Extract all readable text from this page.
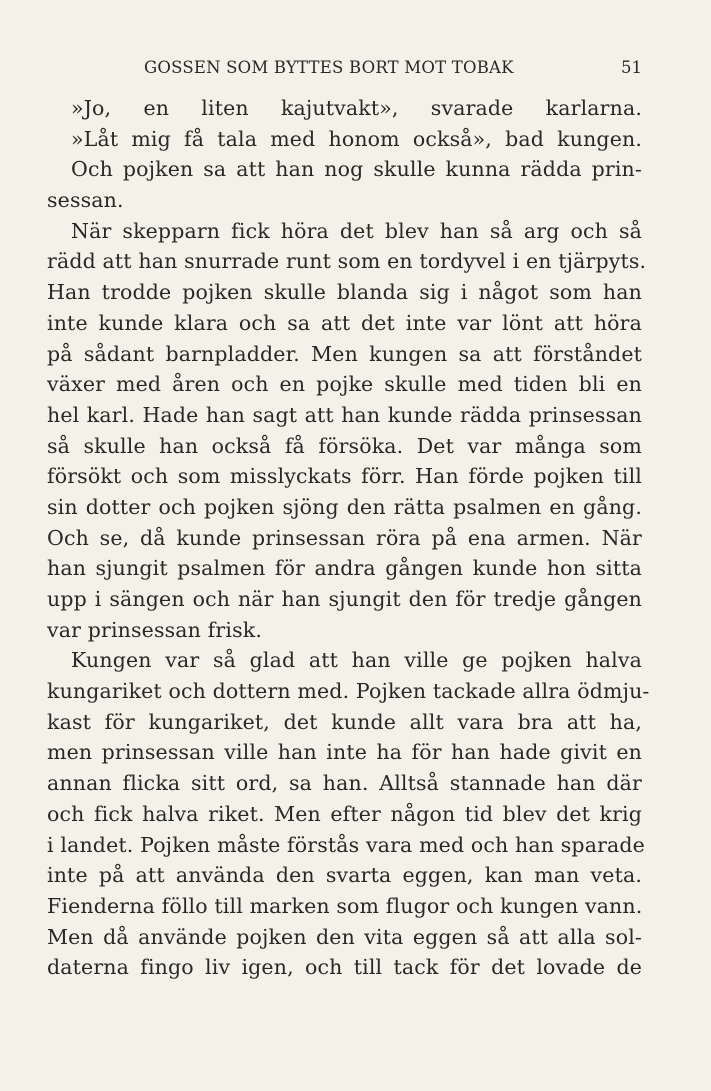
GOSSEN SOM BYTTES BORT MOT TOBAK	51
»Jo, en liten kajutvakt», svarade karlarna.
»Låt mig få tala med honom också», bad kungen.
Och pojken sa att han nog skulle kunna rädda prin-
sessan.
När skepparn fick höra det blev han så arg och så
rädd att han snurrade runt som en tordyvel i en tjärpyts.
Han trodde pojken skulle blanda sig i något som han
inte kunde klara och sa att det inte var lönt att höra
på sådant barnpladder. Men kungen sa att förståndet
växer med åren och en pojke skulle med tiden bli en
hel karl. Hade han sagt att han kunde rädda prinsessan
så skulle han också få försöka. Det var många som
försökt och som misslyckats förr. Han förde pojken till
sin dotter och pojken sjöng den rätta psalmen en gång.
Och se, då kunde prinsessan röra på ena armen. När
han sjungit psalmen för andra gången kunde hon sitta
upp i sängen och när han sjungit den för tredje gången
var prinsessan frisk.
Kungen var så glad att han ville ge pojken halva
kungariket och dottern med. Pojken tackade allra ödmju-
kast för kungariket, det kunde allt vara bra att ha,
men prinsessan ville han inte ha för han hade givit en
annan flicka sitt ord, sa han. Alltså stannade han där
och fick halva riket. Men efter någon tid blev det krig
i landet. Pojken måste förstås vara med och han sparade
inte på att använda den svarta eggen, kan man veta.
Fienderna föllo till marken som flugor och kungen vann.
Men då använde pojken den vita eggen så att alla sol-
daterna fingo liv igen, och till tack för det lovade de
